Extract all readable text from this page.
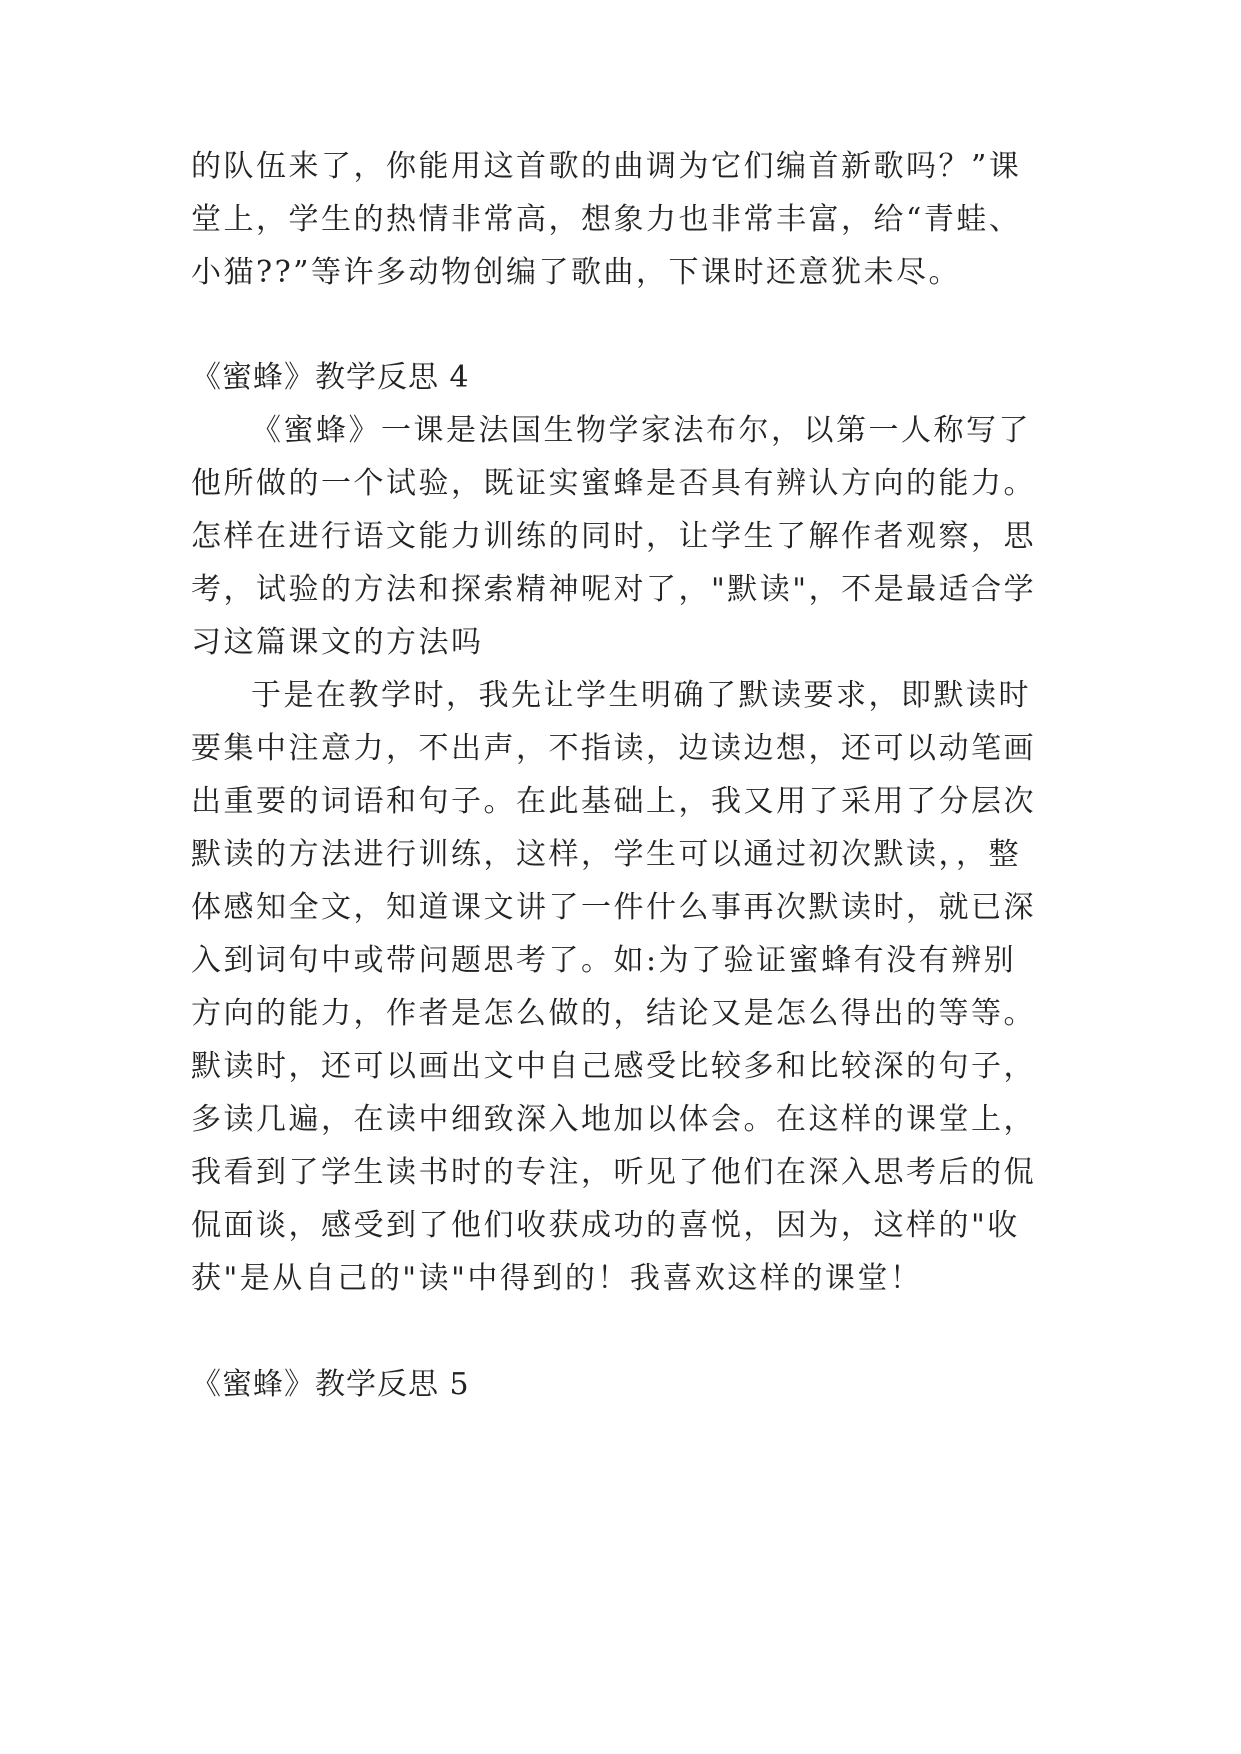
的队伍来了，你能用这首歌的曲调为它们编首新歌吗？”课
堂上，学生的热情非常高，想象力也非常丰富，给“青蛙、
小猫??”等许多动物创编了歌曲，下课时还意犹未尽。
《蜜蜂》教学反思 4
《蜜蜂》一课是法国生物学家法布尔，以第一人称写了
他所做的一个试验，既证实蜜蜂是否具有辨认方向的能力。
怎样在进行语文能力训练的同时，让学生了解作者观察，思
考，试验的方法和探索精神呢对了，"默读"，不是最适合学
习这篇课文的方法吗
于是在教学时，我先让学生明确了默读要求，即默读时
要集中注意力，不出声，不指读，边读边想，还可以动笔画
出重要的词语和句子。在此基础上，我又用了采用了分层次
默读的方法进行训练，这样，学生可以通过初次默读，，整
体感知全文，知道课文讲了一件什么事再次默读时，就已深
入到词句中或带问题思考了。如:为了验证蜜蜂有没有辨别
方向的能力，作者是怎么做的，结论又是怎么得出的等等。
默读时，还可以画出文中自己感受比较多和比较深的句子，
多读几遍，在读中细致深入地加以体会。在这样的课堂上，
我看到了学生读书时的专注，听见了他们在深入思考后的侃
侃面谈，感受到了他们收获成功的喜悦，因为，这样的"收
获"是从自己的"读"中得到的！我喜欢这样的课堂！
《蜜蜂》教学反思 5
